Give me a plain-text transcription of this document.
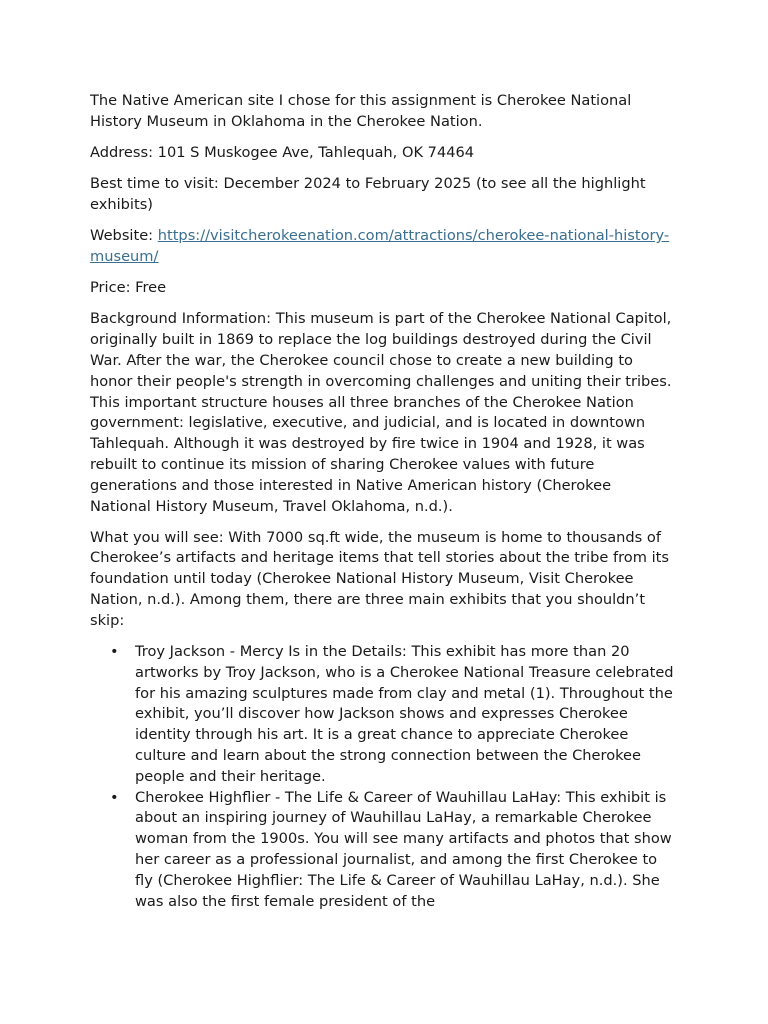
The Native American site I chose for this assignment is Cherokee National History Museum in Oklahoma in the Cherokee Nation.

Address: 101 S Muskogee Ave, Tahlequah, OK 74464

Best time to visit: December 2024 to February 2025 (to see all the highlight exhibits)

Website: https://visitcherokeenation.com/attractions/cherokee-national-history-museum/

Price: Free

Background Information: This museum is part of the Cherokee National Capitol, originally built in 1869 to replace the log buildings destroyed during the Civil War. After the war, the Cherokee council chose to create a new building to honor their people's strength in overcoming challenges and uniting their tribes. This important structure houses all three branches of the Cherokee Nation government: legislative, executive, and judicial, and is located in downtown Tahlequah. Although it was destroyed by fire twice in 1904 and 1928, it was rebuilt to continue its mission of sharing Cherokee values with future generations and those interested in Native American history (Cherokee National History Museum, Travel Oklahoma, n.d.).

What you will see: With 7000 sq.ft wide, the museum is home to thousands of Cherokee’s artifacts and heritage items that tell stories about the tribe from its foundation until today (Cherokee National History Museum, Visit Cherokee Nation, n.d.). Among them, there are three main exhibits that you shouldn’t skip:

• Troy Jackson - Mercy Is in the Details: This exhibit has more than 20 artworks by Troy Jackson, who is a Cherokee National Treasure celebrated for his amazing sculptures made from clay and metal (1). Throughout the exhibit, you’ll discover how Jackson shows and expresses Cherokee identity through his art. It is a great chance to appreciate Cherokee culture and learn about the strong connection between the Cherokee people and their heritage.
• Cherokee Highflier - The Life & Career of Wauhillau LaHay: This exhibit is about an inspiring journey of Wauhillau LaHay, a remarkable Cherokee woman from the 1900s. You will see many artifacts and photos that show her career as a professional journalist, and among the first Cherokee to fly (Cherokee Highflier: The Life & Career of Wauhillau LaHay, n.d.). She was also the first female president of the
